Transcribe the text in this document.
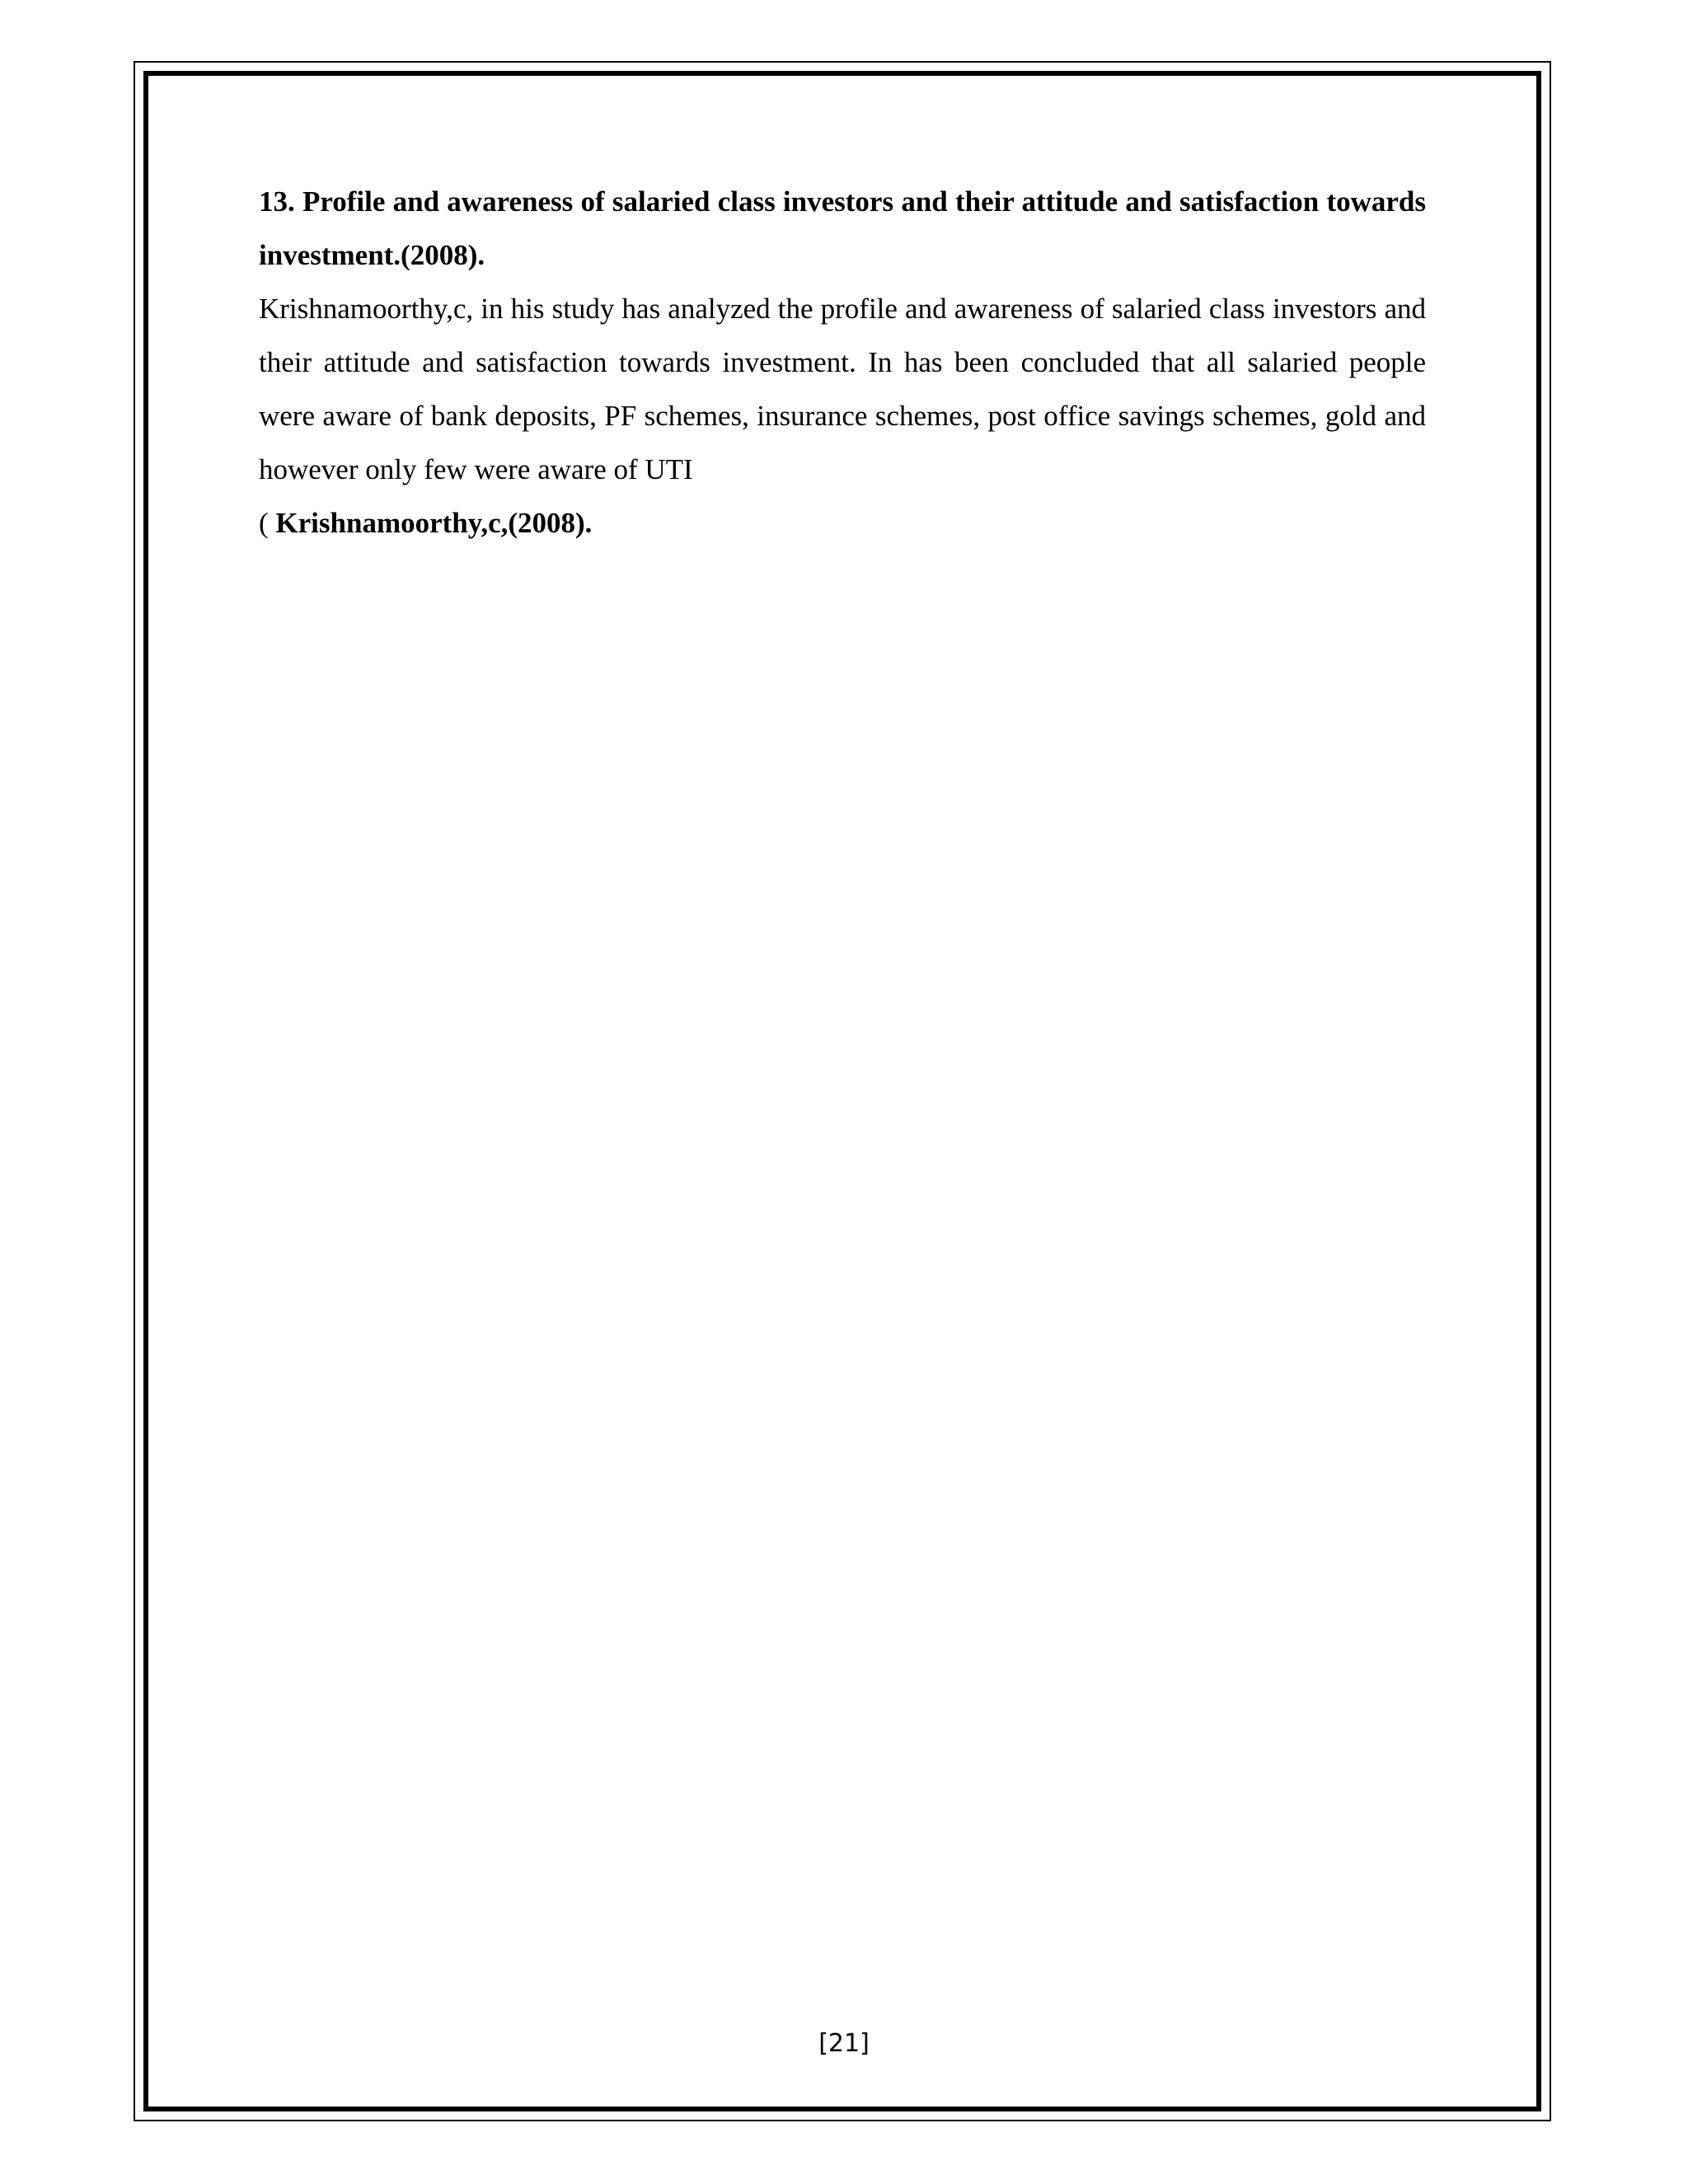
13. Profile and awareness of salaried class investors and their attitude and satisfaction towards investment.(2008).

Krishnamoorthy,c, in his study has analyzed the profile and awareness of salaried class investors and their attitude and satisfaction towards investment. In has been concluded that all salaried people were aware of bank deposits, PF schemes, insurance schemes, post office savings schemes, gold and however only few were aware of UTI

( Krishnamoorthy,c,(2008).

[21]
